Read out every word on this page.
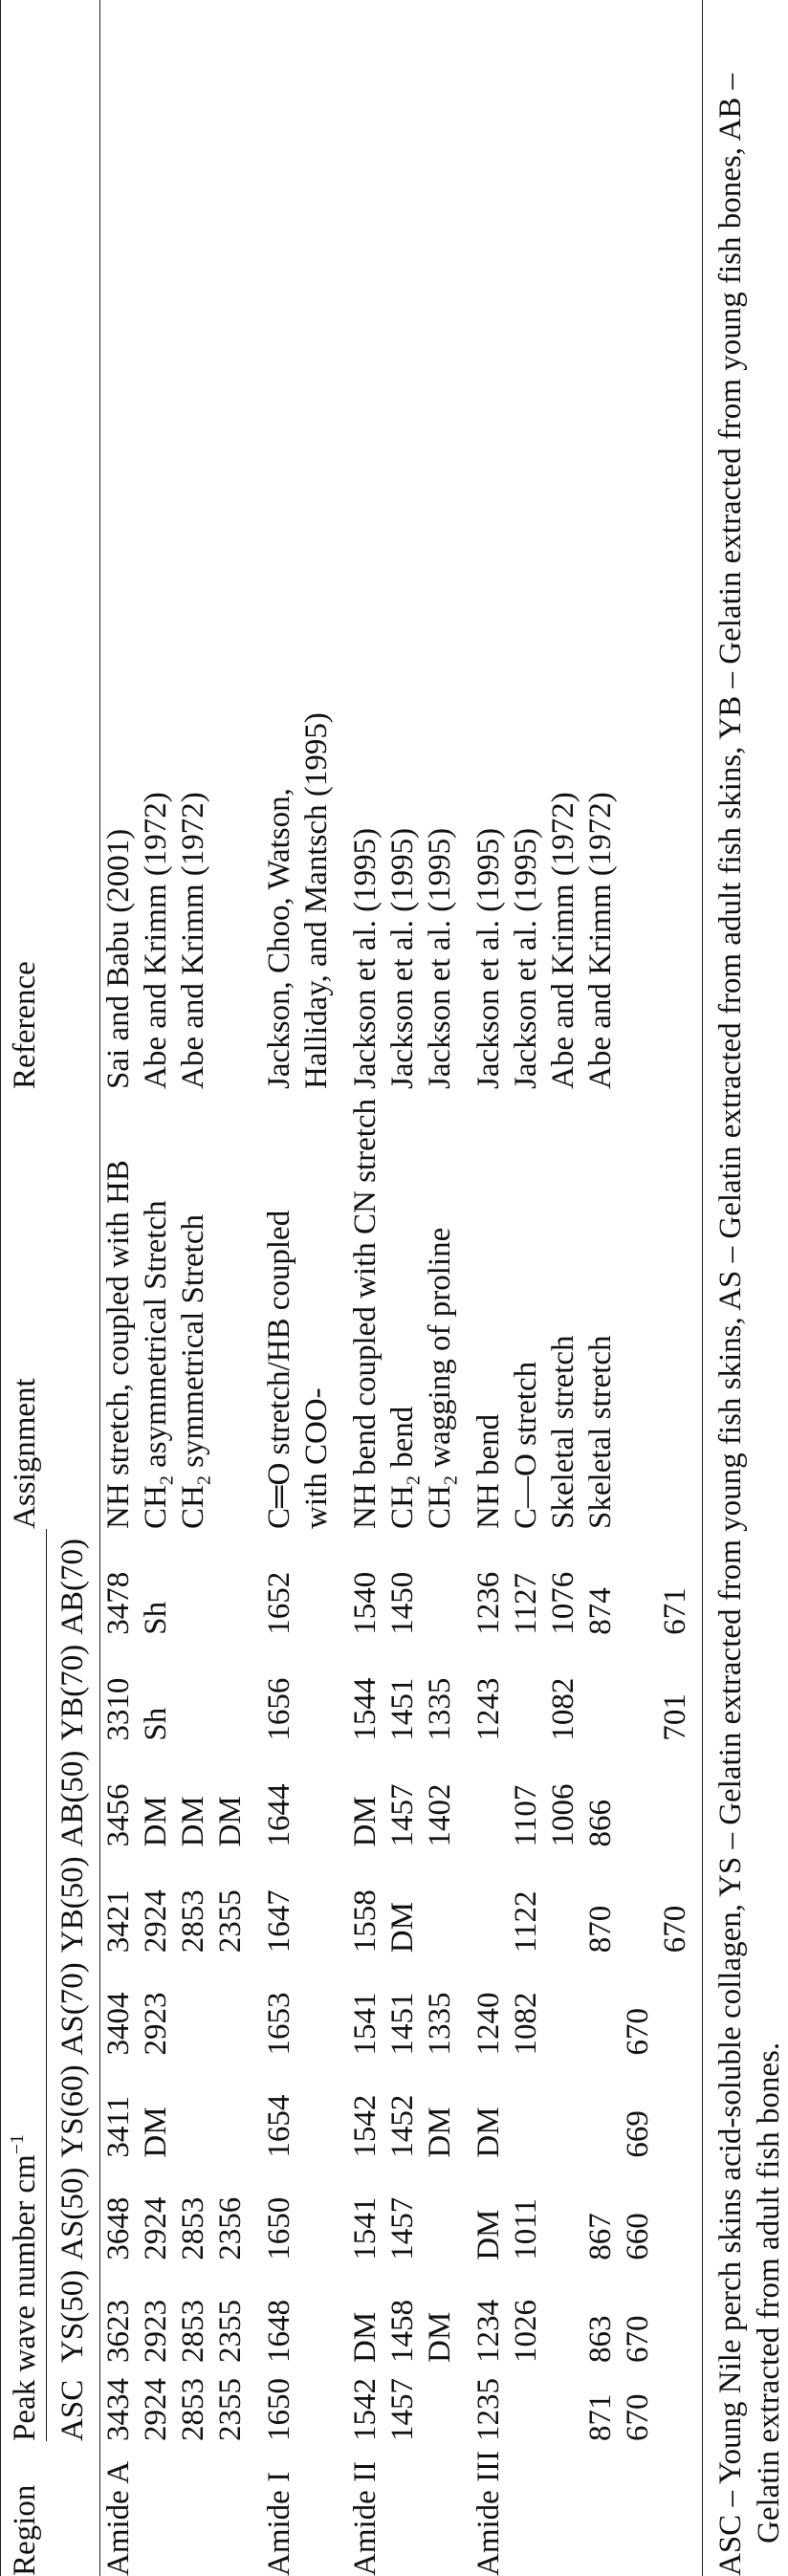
Region	Peak wave number $cm^{-1}$									Assignment	Reference
	ASC	YS(50)	AS(50)	YS(60)	AS(70)	YB(50)	AB(50)	YB(70)	AB(70)		
Amide A	3434	3623	3648	3411	3404	3421	3456	3310	3478	NH stretch, coupled with HB	Sai and Babu (2001)
	2924	2923	2924	DM	2923	2924	DM	Sh	Sh	$CH_2$ asymmetrical Stretch	Abe and Krimm (1972)
	2853	2853	2853			2853	DM			$CH_2$ symmetrical Stretch	Abe and Krimm (1972)
	2355	2355	2356			2355	DM				
Amide I	1650	1648	1650	1654	1653	1647	1644	1656	1652	C═O stretch/HB coupled	Jackson, Choo, Watson,
										with COO-	Halliday, and Mantsch (1995)
Amide II	1542	DM	1541	1542	1541	1558	DM	1544	1540	NH bend coupled with CN stretch	Jackson et al. (1995)
	1457	1458	1457	1452	1451	DM	1457	1451	1450	$CH_2$ bend	Jackson et al. (1995)
		DM		DM	1335		1402	1335		$CH_2$ wagging of proline	Jackson et al. (1995)
Amide III	1235	1234	DM	DM	1240			1243	1236	NH bend	Jackson et al. (1995)
		1026	1011		1082	1122	1107		1127	C—O stretch	Jackson et al. (1995)
							1006	1082	1076	Skeletal stretch	Abe and Krimm (1972)
	871	863	867			870	866		874	Skeletal stretch	Abe and Krimm (1972)
	670	670	660	669	670						
						670		701	671		ASC – Young Nile perch skins acid-soluble collagen, YS – Gelatin extracted from young fish skins, AS – Gelatin extracted from adult fish skins, YB – Gelatin extracted from young fish bones, AB – Gelatin extracted from adult fish bones.
